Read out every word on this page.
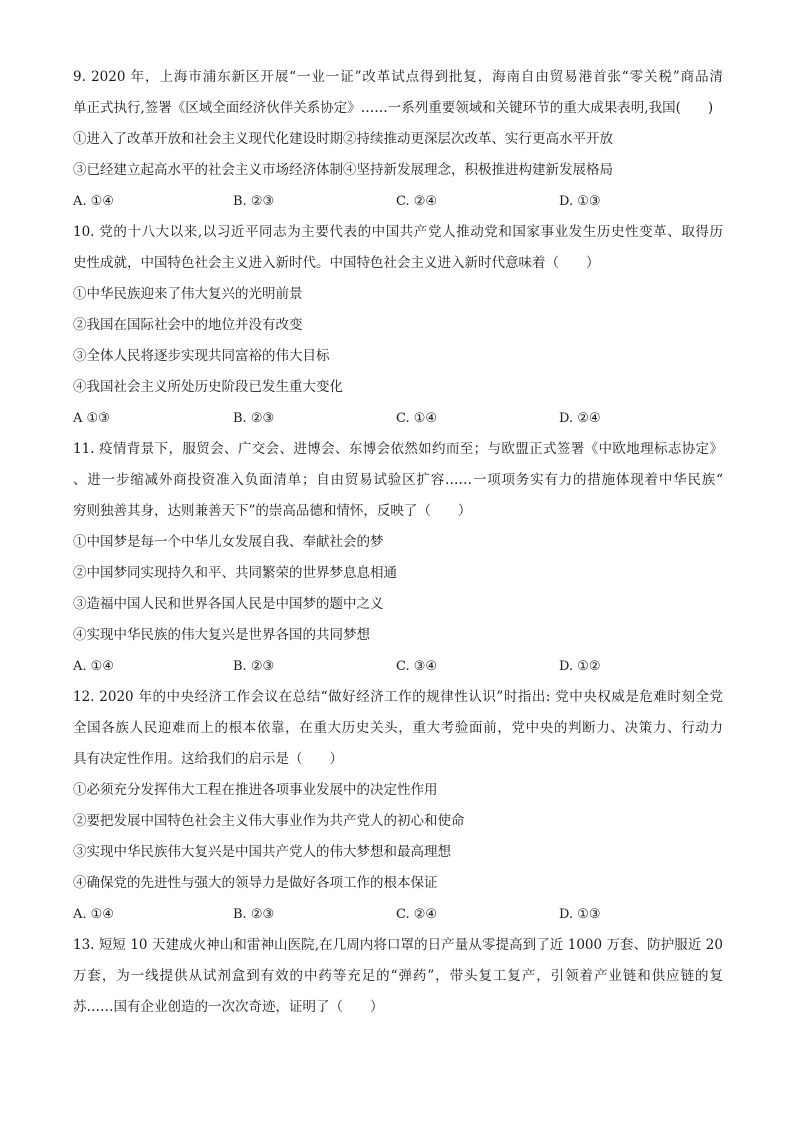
9. 2020 年，上海市浦东新区开展“一业一证”改革试点得到批复，海南自由贸易港首张“零关税”商品清
单正式执行,签署《区域全面经济伙伴关系协定》……一系列重要领域和关键环节的重大成果表明,我国(　　)
①进入了改革开放和社会主义现代化建设时期②持续推动更深层次改革、实行更高水平开放
③已经建立起高水平的社会主义市场经济体制④坚持新发展理念，积极推进构建新发展格局
A. ①④	B. ②③	C. ②④	D. ①③
10. 党的十八大以来,以习近平同志为主要代表的中国共产党人推动党和国家事业发生历史性变革、取得历
史性成就，中国特色社会主义进入新时代。中国特色社会主义进入新时代意味着（　　）
①中华民族迎来了伟大复兴的光明前景
②我国在国际社会中的地位并没有改变
③全体人民将逐步实现共同富裕的伟大目标
④我国社会主义所处历史阶段已发生重大变化
A ①③	B. ②③	C. ①④	D. ②④
11. 疫情背景下，服贸会、广交会、进博会、东博会依然如约而至；与欧盟正式签署《中欧地理标志协定》
、进一步缩减外商投资准入负面清单；自由贸易试验区扩容……一项项务实有力的措施体现着中华民族“
穷则独善其身，达则兼善天下”的崇高品德和情怀，反映了（　　）
①中国梦是每一个中华儿女发展自我、奉献社会的梦
②中国梦同实现持久和平、共同繁荣的世界梦息息相通
③造福中国人民和世界各国人民是中国梦的题中之义
④实现中华民族的伟大复兴是世界各国的共同梦想
A. ①④	B. ②③	C. ③④	D. ①②
12. 2020 年的中央经济工作会议在总结“做好经济工作的规律性认识”时指出: 党中央权威是危难时刻全党
全国各族人民迎难而上的根本依靠，在重大历史关头，重大考验面前，党中央的判断力、决策力、行动力
具有决定性作用。这给我们的启示是（　　）
①必须充分发挥伟大工程在推进各项事业发展中的决定性作用
②要把发展中国特色社会主义伟大事业作为共产党人的初心和使命
③实现中华民族伟大复兴是中国共产党人的伟大梦想和最高理想
④确保党的先进性与强大的领导力是做好各项工作的根本保证
A. ①④	B. ②③	C. ②④	D. ①③
13. 短短 10 天建成火神山和雷神山医院,在几周内将口罩的日产量从零提高到了近 1000 万套、防护服近 20
万套，为一线提供从试剂盒到有效的中药等充足的“弹药”，带头复工复产，引领着产业链和供应链的复
苏……国有企业创造的一次次奇迹，证明了（　　）
